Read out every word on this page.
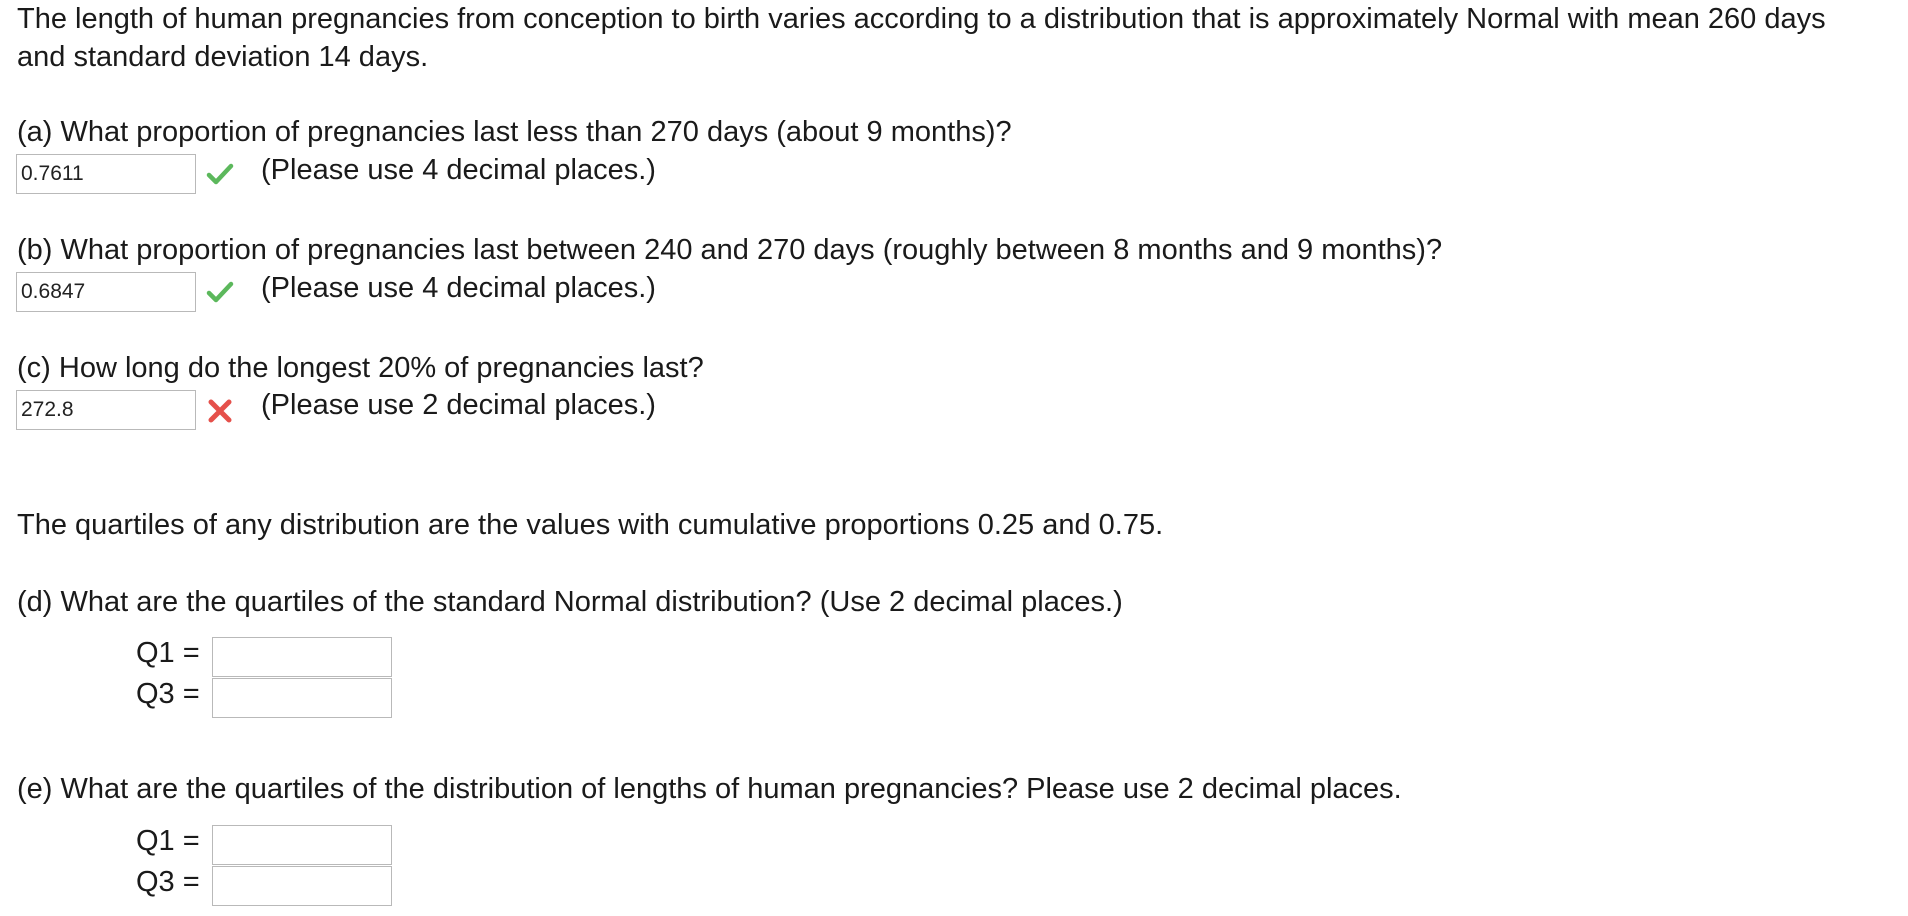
The length of human pregnancies from conception to birth varies according to a distribution that is approximately Normal with mean 260 days
and standard deviation 14 days.
(a) What proportion of pregnancies last less than 270 days (about 9 months)?
0.7611
(Please use 4 decimal places.)
(b) What proportion of pregnancies last between 240 and 270 days (roughly between 8 months and 9 months)?
0.6847
(Please use 4 decimal places.)
(c) How long do the longest 20% of pregnancies last?
272.8
(Please use 2 decimal places.)
The quartiles of any distribution are the values with cumulative proportions 0.25 and 0.75.
(d) What are the quartiles of the standard Normal distribution? (Use 2 decimal places.)
Q1 =
Q3 =
(e) What are the quartiles of the distribution of lengths of human pregnancies? Please use 2 decimal places.
Q1 =
Q3 =
